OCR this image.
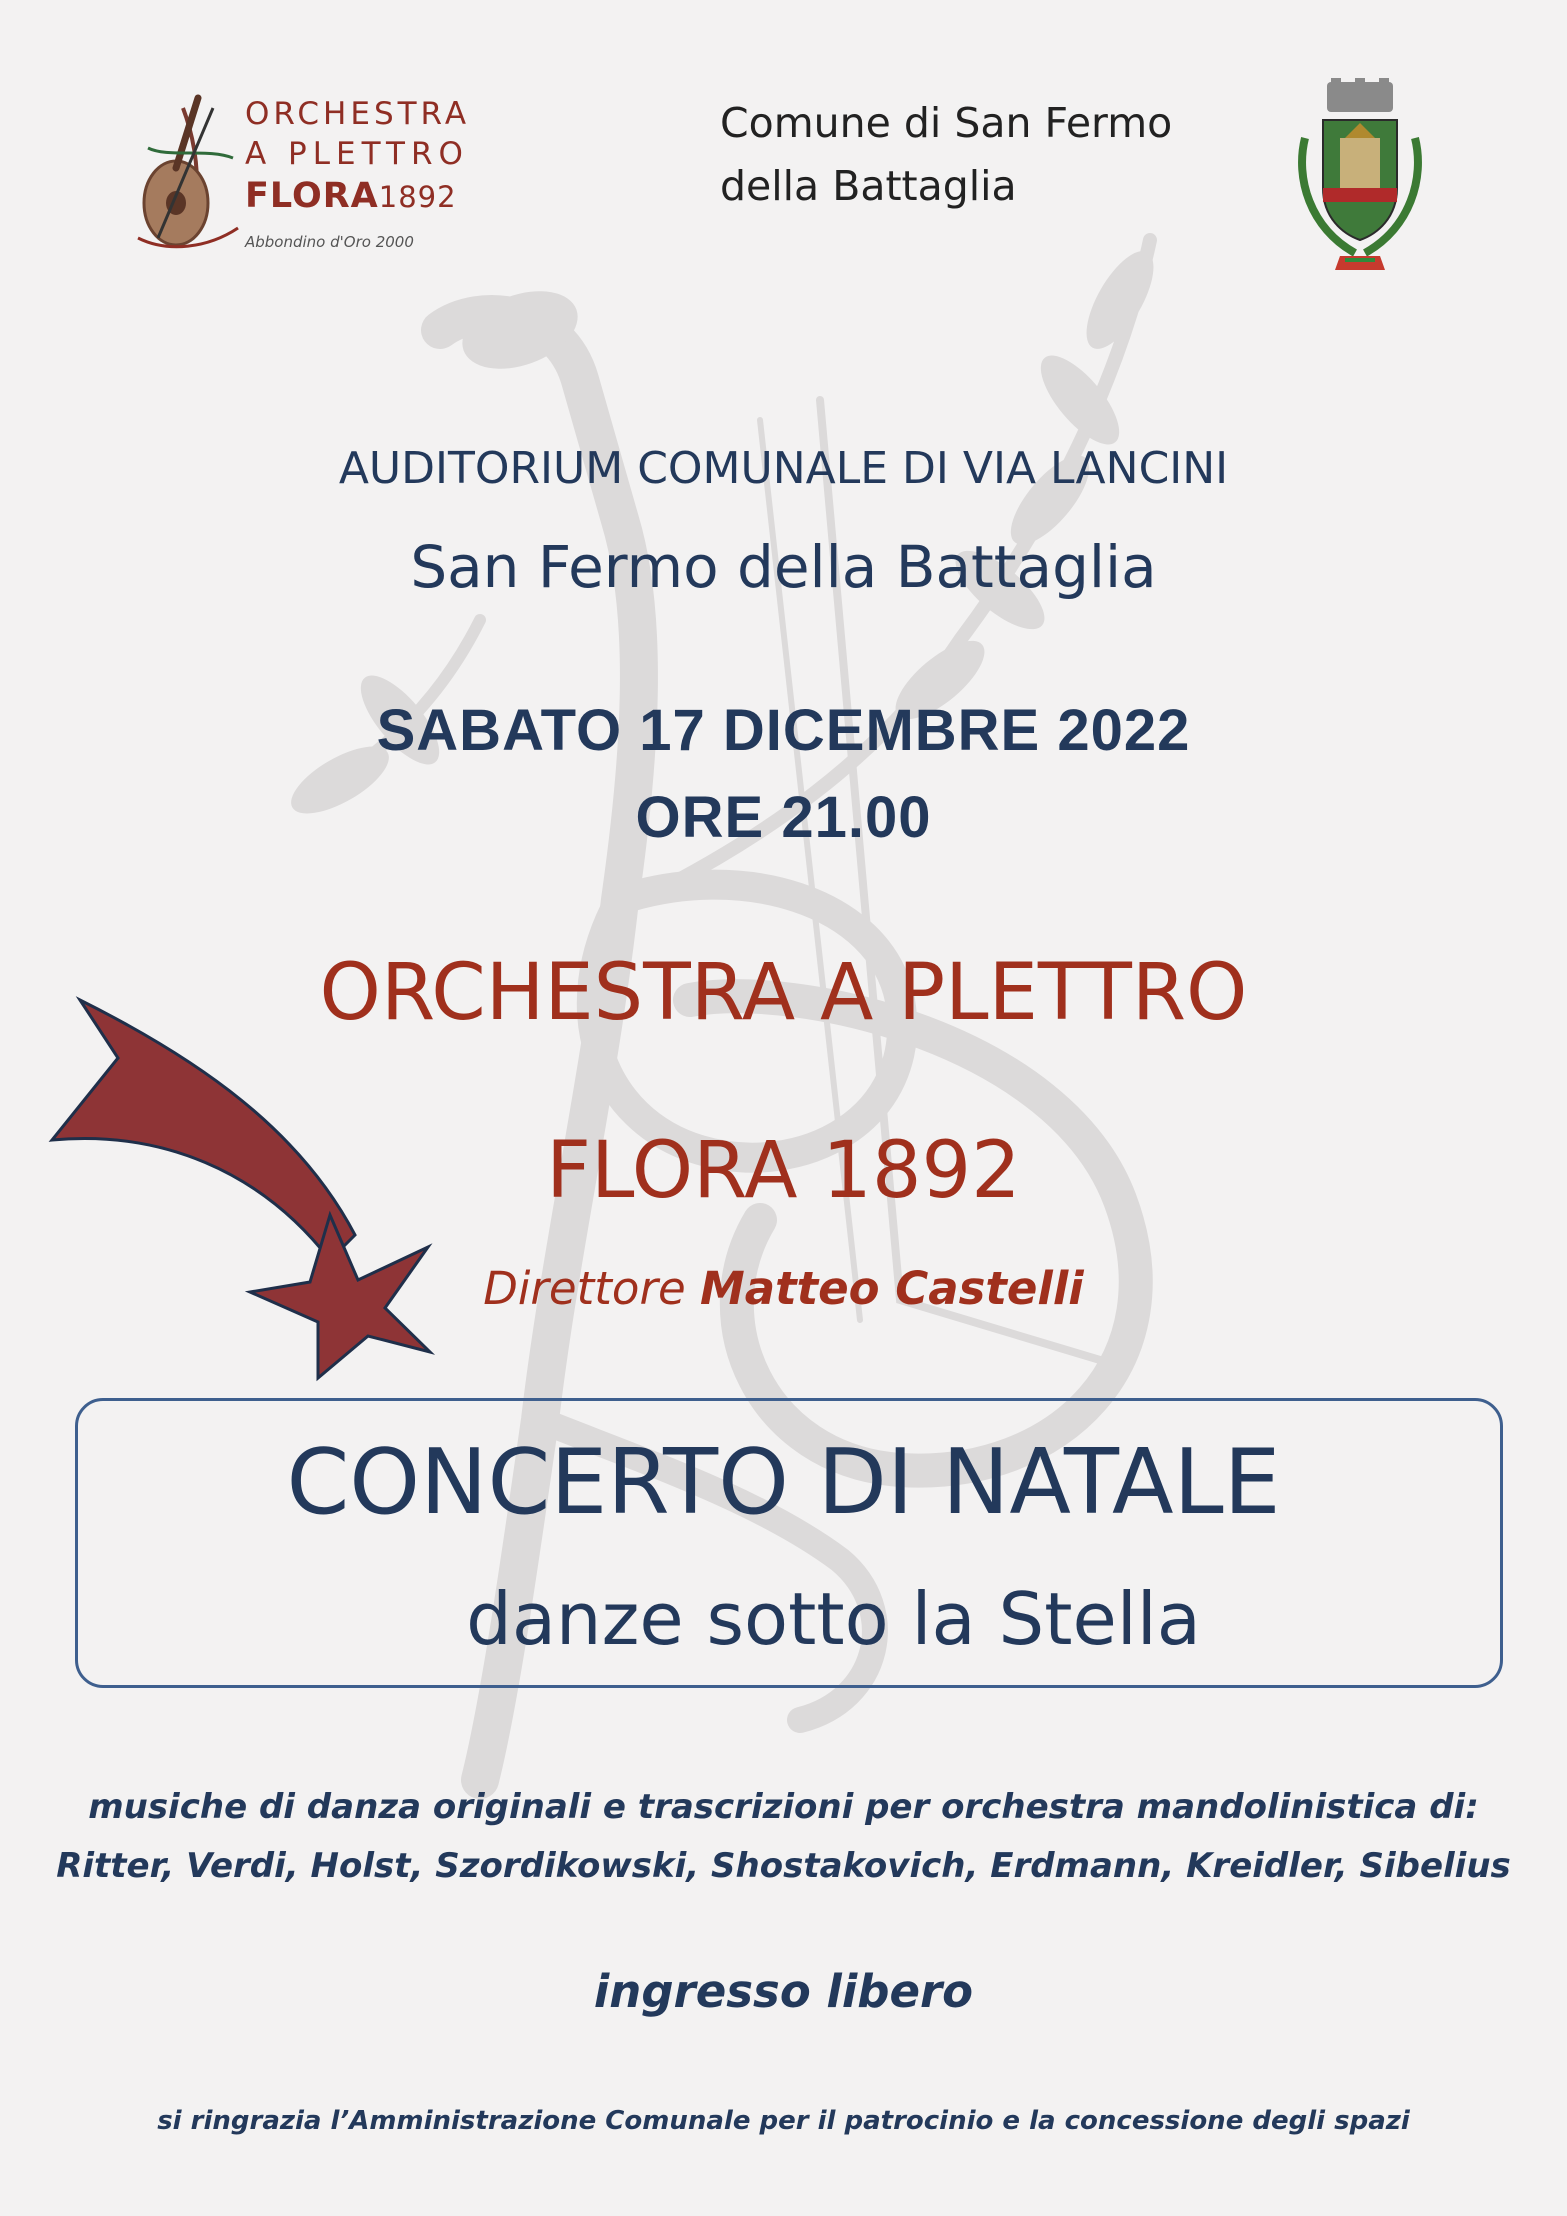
ORCHESTRA
A PLETTRO
FLORA1892
Abbondino d'Oro 2000
Comune di San Fermo
della Battaglia
AUDITORIUM COMUNALE DI VIA LANCINI
San Fermo della Battaglia
SABATO 17 DICEMBRE 2022
ORE 21.00
ORCHESTRA A PLETTRO
FLORA 1892
Direttore Matteo Castelli
CONCERTO DI NATALE
danze sotto la Stella
musiche di danza originali e trascrizioni per orchestra mandolinistica di:
Ritter, Verdi, Holst, Szordikowski, Shostakovich, Erdmann, Kreidler, Sibelius
ingresso libero
si ringrazia l’Amministrazione Comunale per il patrocinio e la concessione degli spazi
